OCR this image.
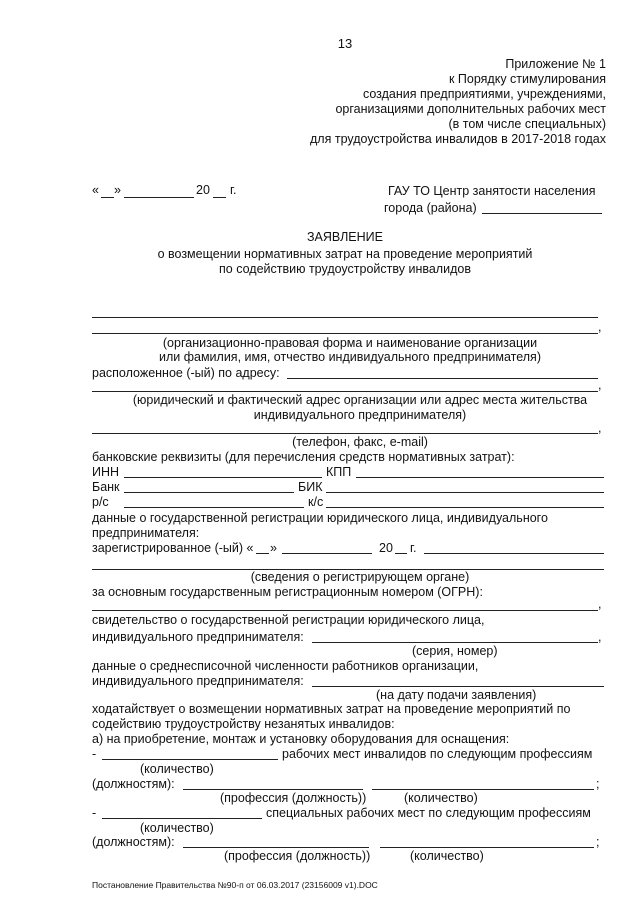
13
Приложение № 1
к Порядку стимулирования
создания предприятиями, учреждениями,
организациями дополнительных рабочих мест
(в том числе специальных)
для трудоустройства инвалидов в 2017-2018 годах
« »	20 г.	ГАУ ТО Центр занятости населения
города (района)
ЗАЯВЛЕНИЕ
о возмещении нормативных затрат на проведение мероприятий
по содействию трудоустройству инвалидов
,
(организационно-правовая форма и наименование организации
или фамилия, имя, отчество индивидуального предпринимателя)
расположенное (-ый) по адресу:
,
(юридический и фактический адрес организации или адрес места жительства
индивидуального предпринимателя)
,
(телефон, факс, e-mail)
банковские реквизиты (для перечисления средств нормативных затрат):
ИНН	КПП
Банк	БИК
р/с	к/с
данные о государственной регистрации юридического лица, индивидуального
предпринимателя:
зарегистрированное (-ый) « »	20 г.
(сведения о регистрирующем органе)
за основным государственным регистрационным номером (ОГРН):
,
свидетельство о государственной регистрации юридического лица,
индивидуального предпринимателя:	,
(серия, номер)
данные о среднесписочной численности работников организации,
индивидуального предпринимателя:
(на дату подачи заявления)
ходатайствует о возмещении нормативных затрат на проведение мероприятий по
содействию трудоустройству незанятых инвалидов:
а) на приобретение, монтаж и установку оборудования для оснащения:
-	рабочих мест инвалидов по следующим профессиям
(количество)
(должностям):	;
(профессия (должность))	(количество)
-	специальных рабочих мест по следующим профессиям
(количество)
(должностям):	;
(профессия (должность))	(количество)
Постановление Правительства №90-п от 06.03.2017 (23156009 v1).DOC
